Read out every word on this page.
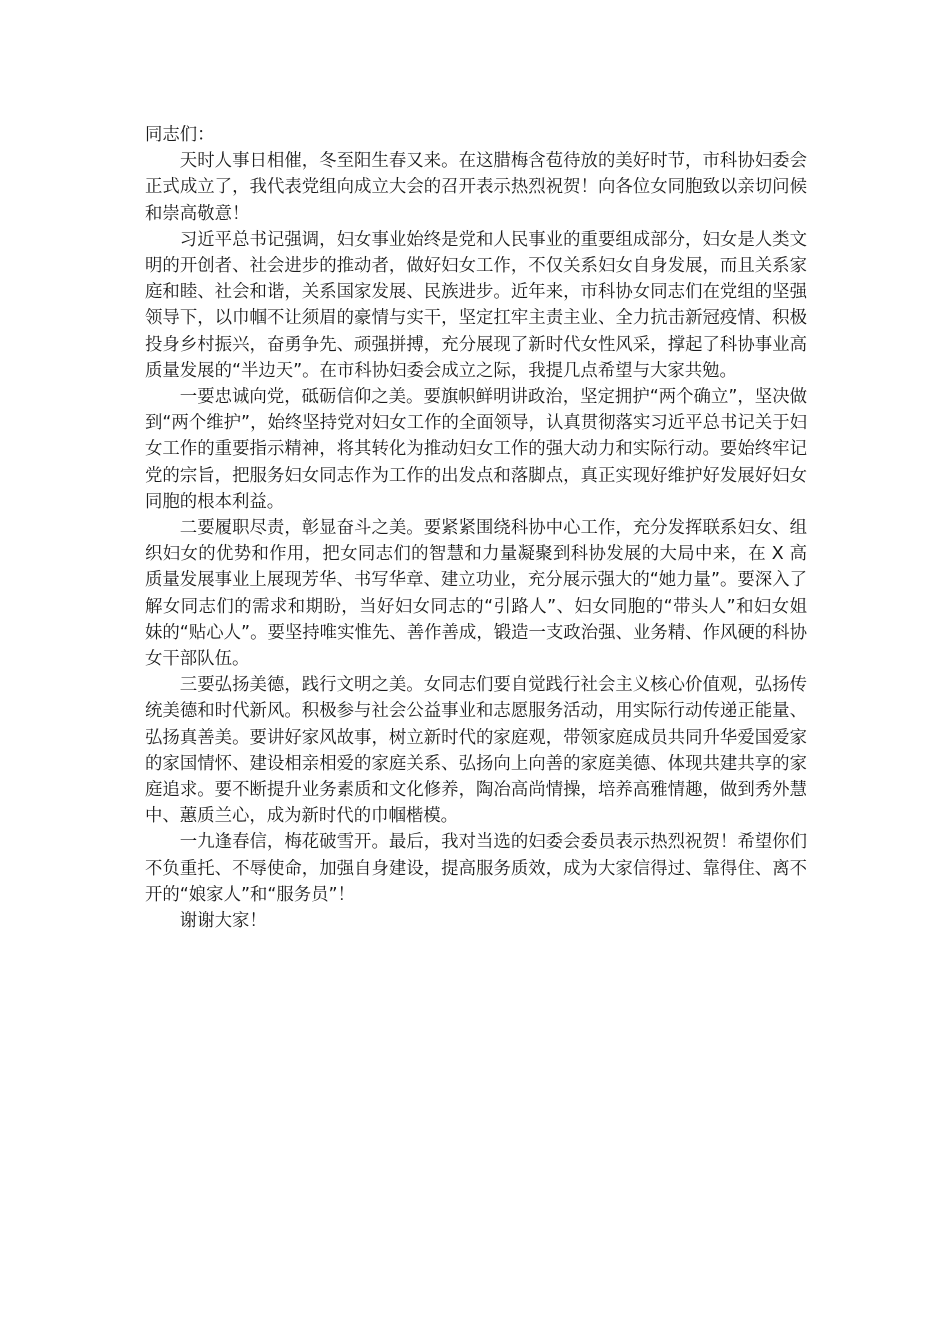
同志们：

天时人事日相催，冬至阳生春又来。在这腊梅含苞待放的美好时节，市科协妇委会正式成立了，我代表党组向成立大会的召开表示热烈祝贺！向各位女同胞致以亲切问候和崇高敬意！

习近平总书记强调，妇女事业始终是党和人民事业的重要组成部分，妇女是人类文明的开创者、社会进步的推动者，做好妇女工作，不仅关系妇女自身发展，而且关系家庭和睦、社会和谐，关系国家发展、民族进步。近年来，市科协女同志们在党组的坚强领导下，以巾帼不让须眉的豪情与实干，坚定扛牢主责主业、全力抗击新冠疫情、积极投身乡村振兴，奋勇争先、顽强拼搏，充分展现了新时代女性风采，撑起了科协事业高质量发展的“半边天”。在市科协妇委会成立之际，我提几点希望与大家共勉。

一要忠诚向党，砥砺信仰之美。要旗帜鲜明讲政治，坚定拥护“两个确立”，坚决做到“两个维护”，始终坚持党对妇女工作的全面领导，认真贯彻落实习近平总书记关于妇女工作的重要指示精神，将其转化为推动妇女工作的强大动力和实际行动。要始终牢记党的宗旨，把服务妇女同志作为工作的出发点和落脚点，真正实现好维护好发展好妇女同胞的根本利益。

二要履职尽责，彰显奋斗之美。要紧紧围绕科协中心工作，充分发挥联系妇女、组织妇女的优势和作用，把女同志们的智慧和力量凝聚到科协发展的大局中来，在 X 高质量发展事业上展现芳华、书写华章、建立功业，充分展示强大的“她力量”。要深入了解女同志们的需求和期盼，当好妇女同志的“引路人”、妇女同胞的“带头人”和妇女姐妹的“贴心人”。要坚持唯实惟先、善作善成，锻造一支政治强、业务精、作风硬的科协女干部队伍。

三要弘扬美德，践行文明之美。女同志们要自觉践行社会主义核心价值观，弘扬传统美德和时代新风。积极参与社会公益事业和志愿服务活动，用实际行动传递正能量、弘扬真善美。要讲好家风故事，树立新时代的家庭观，带领家庭成员共同升华爱国爱家的家国情怀、建设相亲相爱的家庭关系、弘扬向上向善的家庭美德、体现共建共享的家庭追求。要不断提升业务素质和文化修养，陶冶高尚情操，培养高雅情趣，做到秀外慧中、蕙质兰心，成为新时代的巾帼楷模。

一九逢春信，梅花破雪开。最后，我对当选的妇委会委员表示热烈祝贺！希望你们不负重托、不辱使命，加强自身建设，提高服务质效，成为大家信得过、靠得住、离不开的“娘家人”和“服务员”！

谢谢大家！
